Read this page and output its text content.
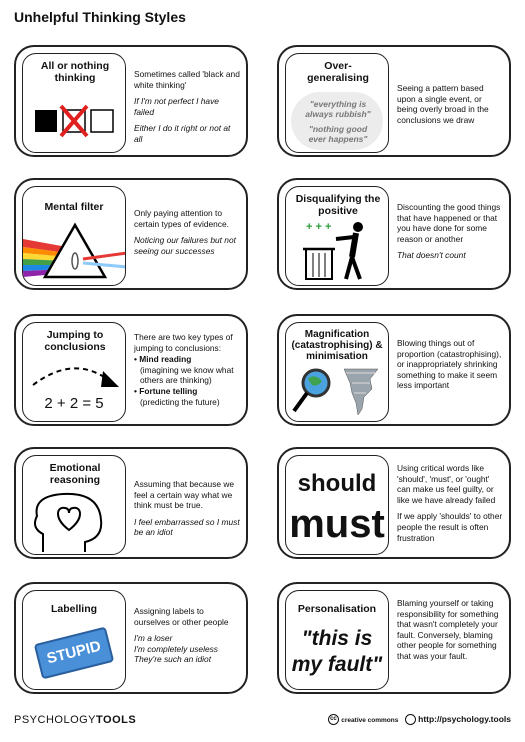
Unhelpful Thinking Styles
All or nothing thinking	Sometimes called 'black and white thinking'

If I'm not perfect I have failed

Either I do it right or not at all

Over-generalising
"everything is
always rubbish"
"nothing good
ever happens"

Seeing a pattern based upon a single event, or being overly broad in the conclusions we draw

Mental filter	Only paying attention to certain types of evidence.

Noticing our failures but not seeing our successes

Disqualifying the positive
+ + +

Discounting the good things that have happened or that you have done for some reason or another

That doesn't count

Jumping to conclusions
2 + 2 = 5

There are two key types of jumping to conclusions:

• Mind reading
(imagining we know what others are thinking)
• Fortune telling
(predicting the future)
Magnification (catastrophising) & minimisation

Blowing things out of proportion (catastrophising), or inappropriately shrinking something to make it seem less important

Emotional reasoning	Assuming that because we feel a certain way what we think must be true.

I feel embarrassed so I must be an idiot

should
must

Using critical words like 'should', 'must', or 'ought' can make us feel guilty, or like we have already failed

If we apply 'shoulds' to other people the result is often frustration

Labelling
STUPID

Assigning labels to ourselves or other people

I'm a loser
I'm completely useless
They're such an idiot
Personalisation
"this is
my fault"

Blaming yourself or taking responsibility for something that wasn't completely your fault. Conversely, blaming other people for something that was your fault.

PSYCHOLOGYTOOLS	cc creative commons http://psychology.tools
